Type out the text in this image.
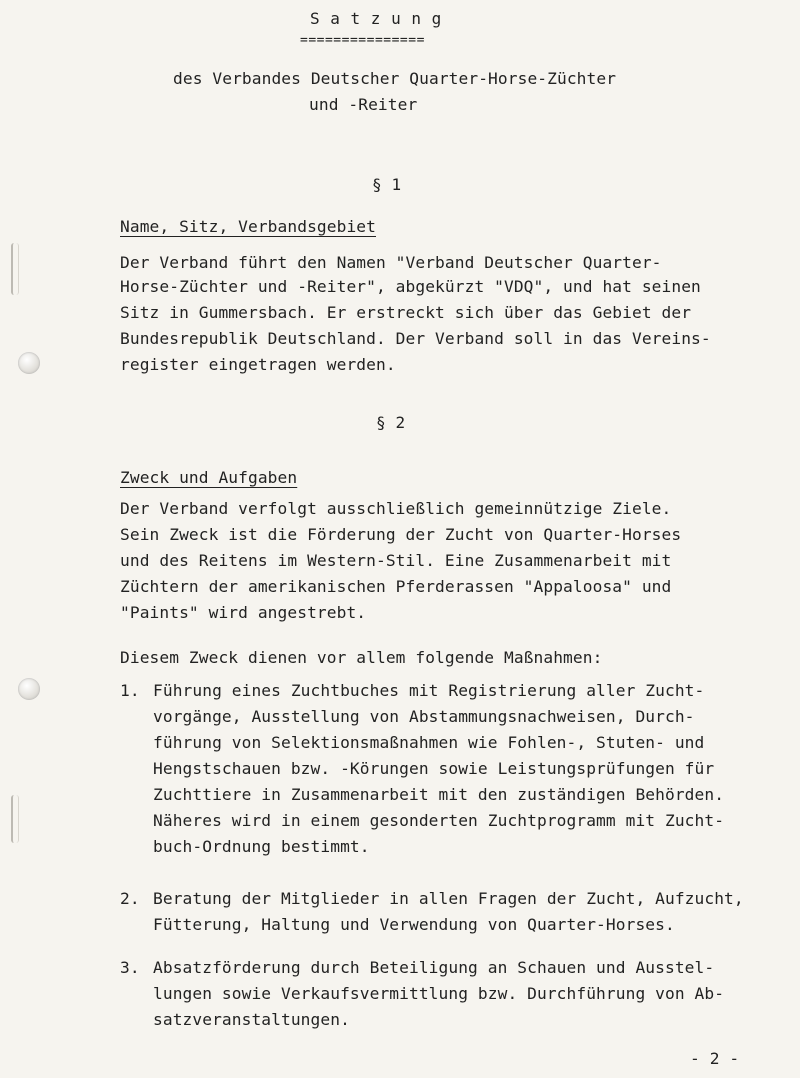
S a t z u n g
===============
des Verbandes Deutscher Quarter-Horse-Züchter
und -Reiter
§ 1
Name, Sitz, Verbandsgebiet
Der Verband führt den Namen "Verband Deutscher Quarter-
Horse-Züchter und -Reiter", abgekürzt "VDQ", und hat seinen
Sitz in Gummersbach. Er erstreckt sich über das Gebiet der
Bundesrepublik Deutschland. Der Verband soll in das Vereins-
register eingetragen werden.
§ 2
Zweck und Aufgaben
Der Verband verfolgt ausschließlich gemeinnützige Ziele.
Sein Zweck ist die Förderung der Zucht von Quarter-Horses
und des Reitens im Western-Stil. Eine Zusammenarbeit mit
Züchtern der amerikanischen Pferderassen "Appaloosa" und
"Paints" wird angestrebt.
Diesem Zweck dienen vor allem folgende Maßnahmen:
1. Führung eines Zuchtbuches mit Registrierung aller Zucht-
vorgänge, Ausstellung von Abstammungsnachweisen, Durch-
führung von Selektionsmaßnahmen wie Fohlen-, Stuten- und
Hengstschauen bzw. -Körungen sowie Leistungsprüfungen für
Zuchttiere in Zusammenarbeit mit den zuständigen Behörden.
Näheres wird in einem gesonderten Zuchtprogramm mit Zucht-
buch-Ordnung bestimmt.
2. Beratung der Mitglieder in allen Fragen der Zucht, Aufzucht,
Fütterung, Haltung und Verwendung von Quarter-Horses.
3. Absatzförderung durch Beteiligung an Schauen und Ausstel-
lungen sowie Verkaufsvermittlung bzw. Durchführung von Ab-
satzveranstaltungen.
- 2 -
